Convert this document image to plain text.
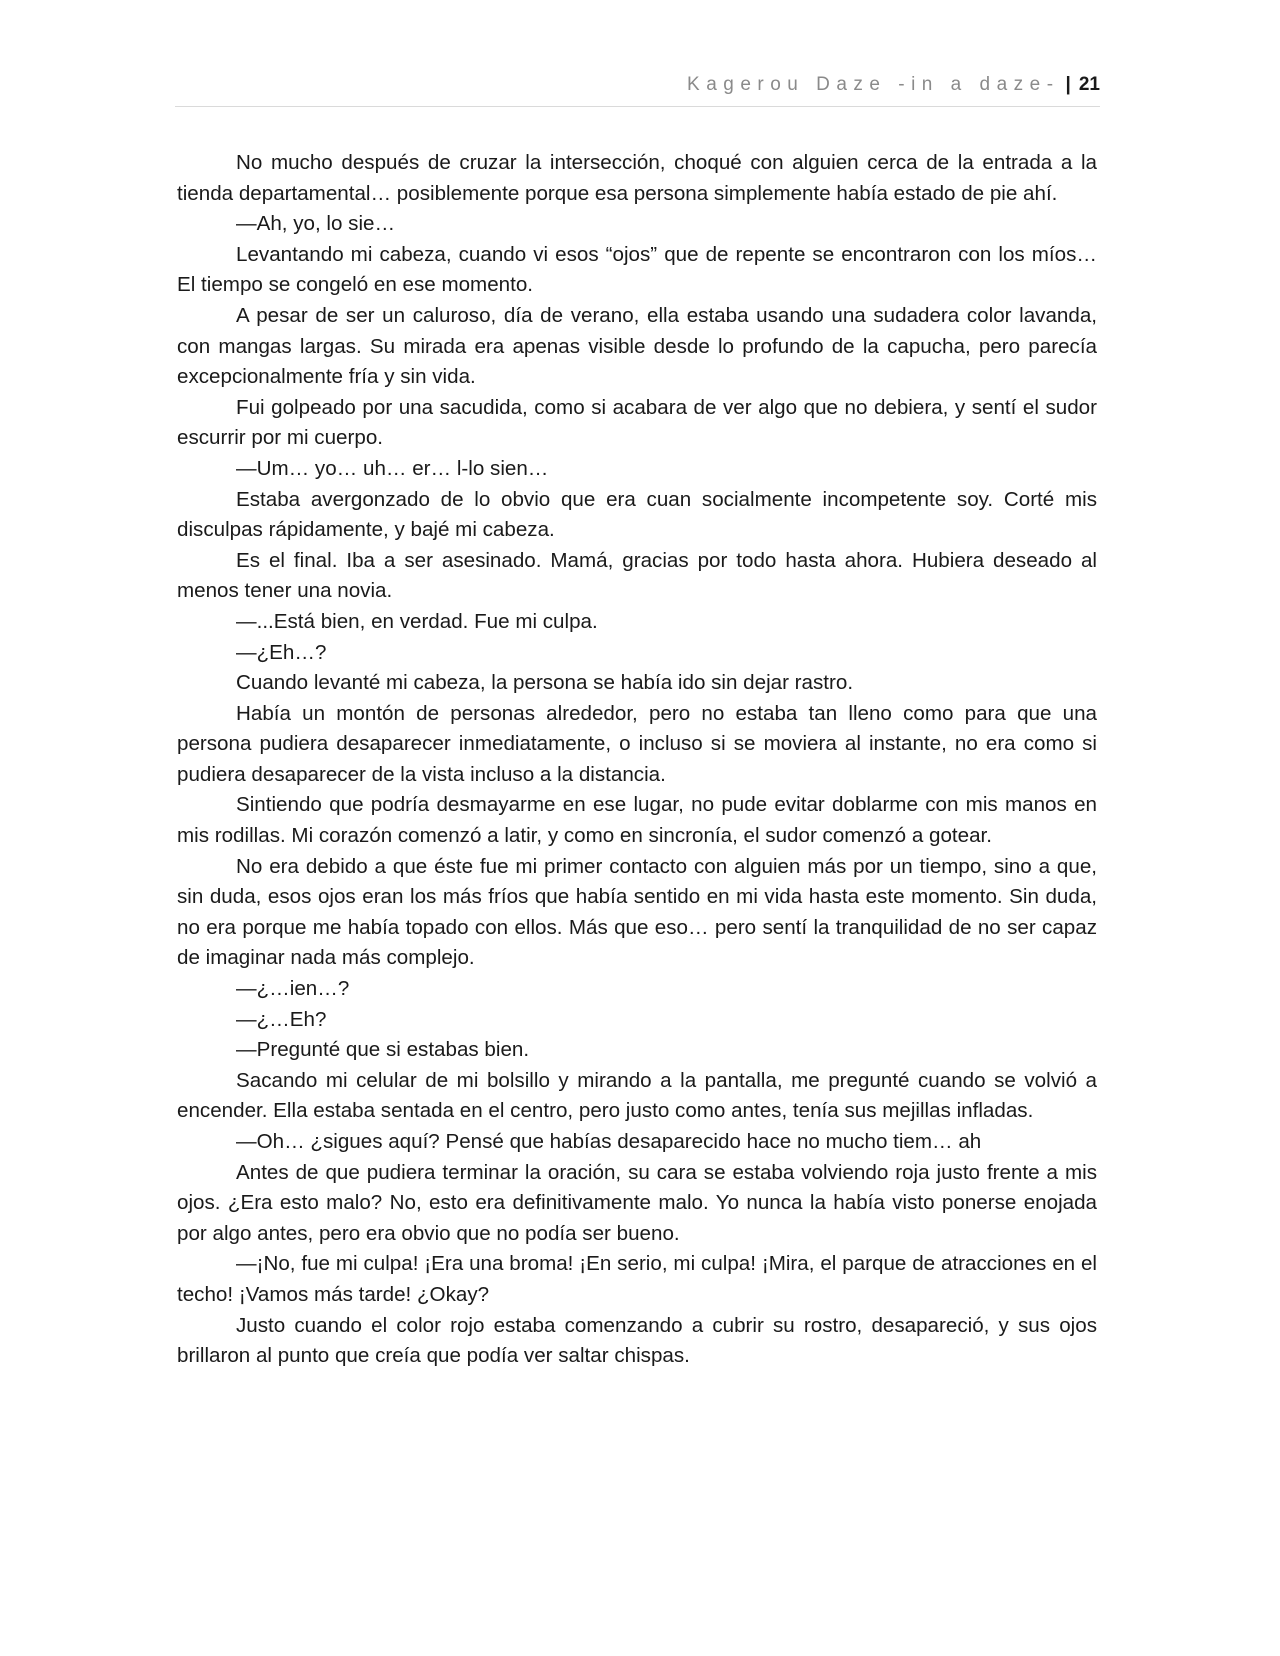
Kagerou Daze -in a daze- | 21

No mucho después de cruzar la intersección, choqué con alguien cerca de la entrada a la tienda departamental… posiblemente porque esa persona simplemente había estado de pie ahí.

—Ah, yo, lo sie…

Levantando mi cabeza, cuando vi esos “ojos” que de repente se encontraron con los míos… El tiempo se congeló en ese momento.

A pesar de ser un caluroso, día de verano, ella estaba usando una sudadera color lavanda, con mangas largas. Su mirada era apenas visible desde lo profundo de la capucha, pero parecía excepcionalmente fría y sin vida.

Fui golpeado por una sacudida, como si acabara de ver algo que no debiera, y sentí el sudor escurrir por mi cuerpo.

—Um… yo… uh… er… l-lo sien…

Estaba avergonzado de lo obvio que era cuan socialmente incompetente soy. Corté mis disculpas rápidamente, y bajé mi cabeza.

Es el final. Iba a ser asesinado. Mamá, gracias por todo hasta ahora. Hubiera deseado al menos tener una novia.

—...Está bien, en verdad. Fue mi culpa.

—¿Eh…?

Cuando levanté mi cabeza, la persona se había ido sin dejar rastro.

Había un montón de personas alrededor, pero no estaba tan lleno como para que una persona pudiera desaparecer inmediatamente, o incluso si se moviera al instante, no era como si pudiera desaparecer de la vista incluso a la distancia.

Sintiendo que podría desmayarme en ese lugar, no pude evitar doblarme con mis manos en mis rodillas. Mi corazón comenzó a latir, y como en sincronía, el sudor comenzó a gotear.

No era debido a que éste fue mi primer contacto con alguien más por un tiempo, sino a que, sin duda, esos ojos eran los más fríos que había sentido en mi vida hasta este momento. Sin duda, no era porque me había topado con ellos. Más que eso… pero sentí la tranquilidad de no ser capaz de imaginar nada más complejo.

—¿…ien…?

—¿…Eh?

—Pregunté que si estabas bien.

Sacando mi celular de mi bolsillo y mirando a la pantalla, me pregunté cuando se volvió a encender. Ella estaba sentada en el centro, pero justo como antes, tenía sus mejillas infladas.

—Oh… ¿sigues aquí? Pensé que habías desaparecido hace no mucho tiem… ah

Antes de que pudiera terminar la oración, su cara se estaba volviendo roja justo frente a mis ojos. ¿Era esto malo? No, esto era definitivamente malo. Yo nunca la había visto ponerse enojada por algo antes, pero era obvio que no podía ser bueno.

—¡No, fue mi culpa! ¡Era una broma! ¡En serio, mi culpa! ¡Mira, el parque de atracciones en el techo! ¡Vamos más tarde! ¿Okay?

Justo cuando el color rojo estaba comenzando a cubrir su rostro, desapareció, y sus ojos brillaron al punto que creía que podía ver saltar chispas.
